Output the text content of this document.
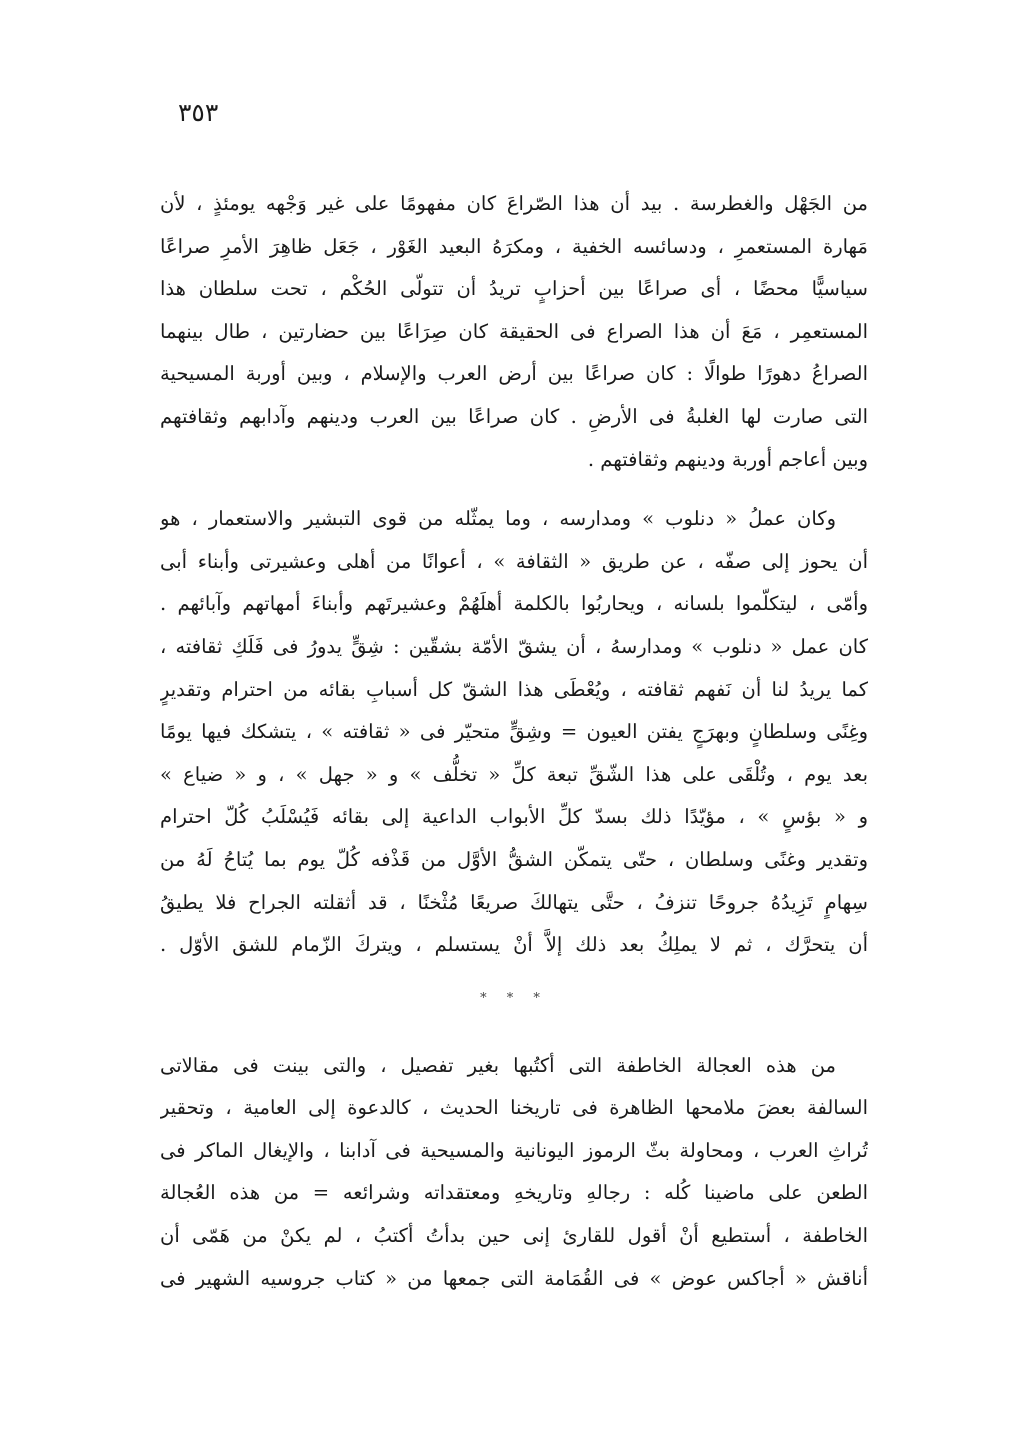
٣٥٣

من الجَهْل والغطرسة . بيد أن هذا الصّراعَ كان مفهومًا على غير وَجْهه يومئذٍ ، لأن
مَهارة المستعمرِ ، ودسائسه الخفية ، ومكرَهُ البعيد الغَوْر ، جَعَل ظاهِرَ الأمرِ صراعًا
سياسيًّا محضًا ، أى صراعًا بين أحزابٍ تريدُ أن تتولّى الحُكْم ، تحت سلطان هذا
المستعمِر ، مَعَ أن هذا الصراع فى الحقيقة كان صِرَاعًا بين حضارتين ، طال بينهما
الصراعُ دهورًا طوالًا : كان صراعًا بين أرض العرب والإسلام ، وبين أوربة المسيحية
التى صارت لها الغلبةُ فى الأرضِ . كان صراعًا بين العرب ودينهم وآدابهم وثقافتهم
وبين أعاجم أوربة ودينهم وثقافتهم .

وكان عملُ « دنلوب » ومدارسه ، وما يمثّله من قوى التبشير والاستعمار ، هو
أن يحوز إلى صفّه ، عن طريق « الثقافة » ، أعوانًا من أهلى وعشيرتى وأبناء أبى
وأمّى ، ليتكلّموا بلسانه ، ويحاربُوا بالكلمة أهلَهُمْ وعشيرتَهم وأبناءَ أمهاتهم وآبائهم .
كان عمل « دنلوب » ومدارسهُ ، أن يشقّ الأمّة بشقّين : شِقٍّ يدورُ فى فَلَكِ ثقافته ،
كما يريدُ لنا أن نَفهم ثقافته ، ويُعْطَى هذا الشقّ كل أسبابِ بقائه من احترام وتقديرٍ
وغِنًى وسلطانٍ وبهرَجٍ يفتن العيون = وشِقٍّ متحيّر فى « ثقافته » ، يتشكك فيها يومًا
بعد يوم ، وتُلْقَى على هذا الشّقِّ تبعة كلِّ « تخلُّف » و « جهل » ، و « ضياع »
و « بؤسٍ » ، مؤيّدًا ذلك بسدّ كلِّ الأبواب الداعية إلى بقائه فَيُسْلَبُ كُلّ احترام
وتقدير وغنًى وسلطان ، حتّى يتمكّن الشقُّ الأوَّل من قَذْفه كُلّ يوم بما يُتاحُ لَهُ من
سِهامٍ تَزِيدُهُ جروحًا تنزفُ ، حتَّى يتهالكَ صريعًا مُثْخنًا ، قد أثقلته الجراح فلا يطيقُ
أن يتحرَّك ، ثم لا يملِكُ بعد ذلك إلاَّ أنْ يستسلم ، ويتركَ الزّمام للشق الأوّل .

* * *

من هذه العجالة الخاطفة التى أكتُبها بغير تفصيل ، والتى بينت فى مقالاتى
السالفة بعضَ ملامحها الظاهرة فى تاريخنا الحديث ، كالدعوة إلى العامية ، وتحقير
تُراثِ العرب ، ومحاولة بثّ الرموز اليونانية والمسيحية فى آدابنا ، والإيغال الماكر فى
الطعن على ماضينا كُله : رجالهِ وتاريخهِ ومعتقداته وشرائعه = من هذه العُجالة
الخاطفة ، أستطيع أنْ أقول للقارئ إنى حين بدأتُ أكتبُ ، لم يكنْ من هَمّى أن
أناقش « أجاكس عوض » فى القُمَامة التى جمعها من « كتاب جروسيه الشهير فى
